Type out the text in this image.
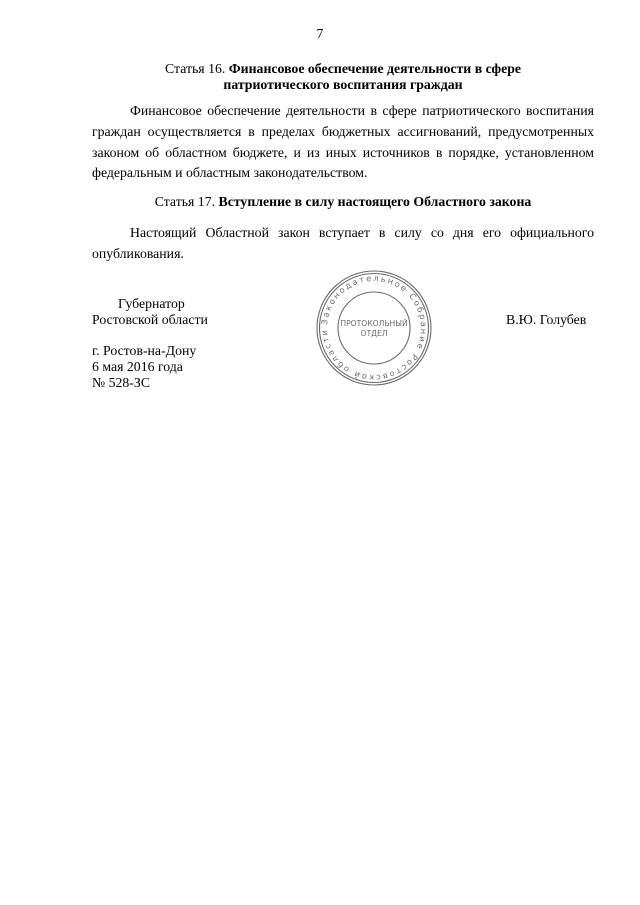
7
Статья 16. Финансовое обеспечение деятельности в сфере
патриотического воспитания граждан

Финансовое обеспечение деятельности в сфере патриотического воспитания граждан осуществляется в пределах бюджетных ассигнований, предусмотренных законом об областном бюджете, и из иных источников в порядке, установленном федеральным и областным законодательством.

Статья 17. Вступление в силу настоящего Областного закона

Настоящий Областной закон вступает в силу со дня его официального опубликования.

Губернатор
Ростовской области	В.Ю. Голубев
Законодательное Собрание Ростовской области
ПРОТОКОЛЬНЫЙ
ОТДЕЛ
г. Ростов-на-Дону
6 мая 2016 года
№ 528-ЗС
